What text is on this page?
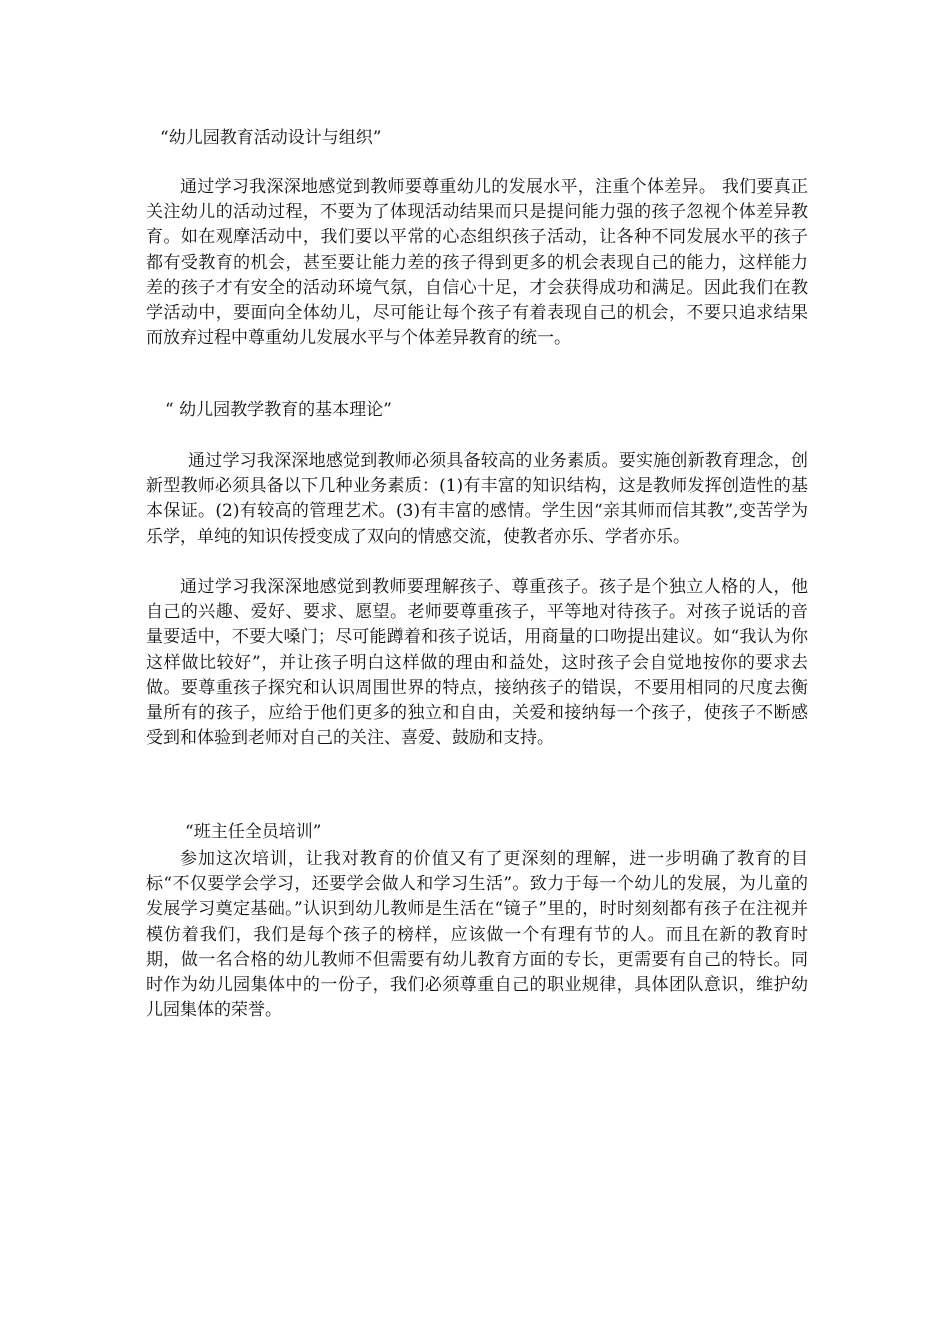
“幼儿园教育活动设计与组织”

通过学习我深深地感觉到教师要尊重幼儿的发展水平，注重个体差异。 我们要真正关注幼儿的活动过程，不要为了体现活动结果而只是提问能力强的孩子忽视个体差异教育。如在观摩活动中，我们要以平常的心态组织孩子活动，让各种不同发展水平的孩子都有受教育的机会，甚至要让能力差的孩子得到更多的机会表现自己的能力，这样能力差的孩子才有安全的活动环境气氛，自信心十足，才会获得成功和满足。因此我们在教学活动中，要面向全体幼儿，尽可能让每个孩子有着表现自己的机会，不要只追求结果而放弃过程中尊重幼儿发展水平与个体差异教育的统一。

“ 幼儿园教学教育的基本理论”

通过学习我深深地感觉到教师必须具备较高的业务素质。要实施创新教育理念，创新型教师必须具备以下几种业务素质：(1)有丰富的知识结构，这是教师发挥创造性的基本保证。(2)有较高的管理艺术。(3)有丰富的感情。学生因“亲其师而信其教”,变苦学为乐学，单纯的知识传授变成了双向的情感交流，使教者亦乐、学者亦乐。

通过学习我深深地感觉到教师要理解孩子、尊重孩子。孩子是个独立人格的人，他自己的兴趣、爱好、要求、愿望。老师要尊重孩子，平等地对待孩子。对孩子说话的音量要适中，不要大嗓门；尽可能蹲着和孩子说话，用商量的口吻提出建议。如“我认为你这样做比较好”，并让孩子明白这样做的理由和益处，这时孩子会自觉地按你的要求去做。要尊重孩子探究和认识周围世界的特点，接纳孩子的错误，不要用相同的尺度去衡量所有的孩子，应给于他们更多的独立和自由，关爱和接纳每一个孩子，使孩子不断感受到和体验到老师对自己的关注、喜爱、鼓励和支持。

“班主任全员培训”

参加这次培训，让我对教育的价值又有了更深刻的理解，进一步明确了教育的目标“不仅要学会学习，还要学会做人和学习生活”。致力于每一个幼儿的发展，为儿童的发展学习奠定基础。”认识到幼儿教师是生活在“镜子”里的，时时刻刻都有孩子在注视并模仿着我们，我们是每个孩子的榜样，应该做一个有理有节的人。而且在新的教育时期，做一名合格的幼儿教师不但需要有幼儿教育方面的专长，更需要有自己的特长。同时作为幼儿园集体中的一份子，我们必须尊重自己的职业规律，具体团队意识，维护幼儿园集体的荣誉。
